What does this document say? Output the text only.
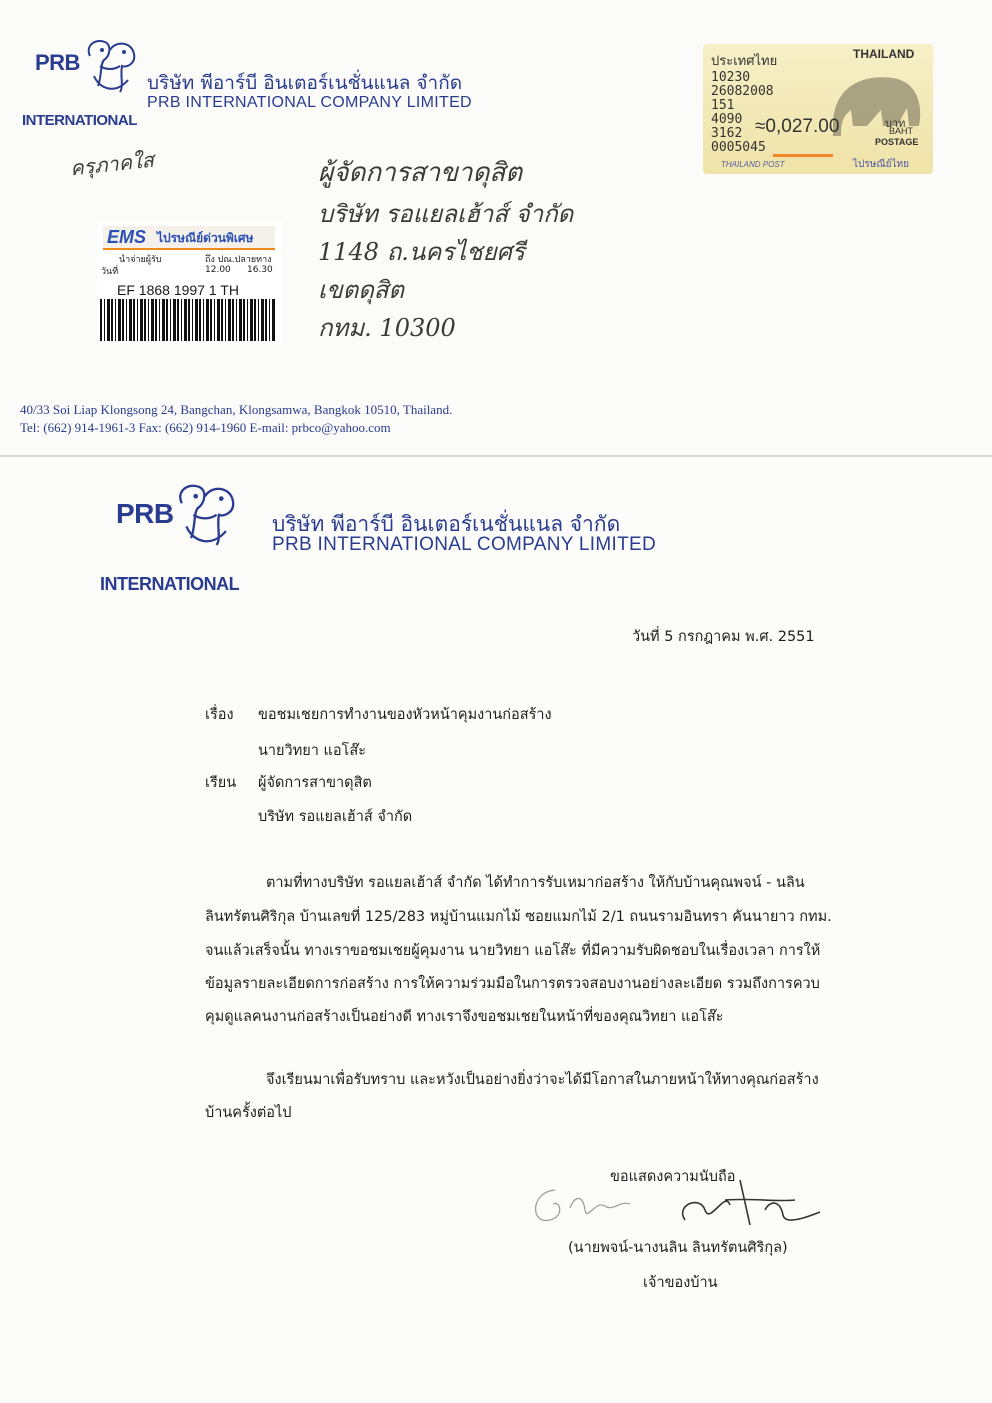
PRB
INTERNATIONAL
บริษัท พีอาร์บี อินเตอร์เนชั่นแนล จำกัด
PRB INTERNATIONAL COMPANY LIMITED
ครุภาคใส	ผู้จัดการสาขาดุสิต
บริษัท รอแยลเฮ้าส์ จำกัด
1148 ถ.นครไชยศรี
เขตดุสิต
กทม. 10300
ประเทศไทย	THAILAND
10230
26082008
151
4090
3162 ≈0,027.00	บาท
BAHT
POSTAGE
0005045
THAILAND POST	ไปรษณีย์ไทย
EMS ไปรษณีย์ด่วนพิเศษ
นำจ่ายผู้รับ	ถึง ปณ.ปลายทาง
วันที่	12.00 16.30
EF 1868 1997 1 TH
40/33 Soi Liap Klongsong 24, Bangchan, Klongsamwa, Bangkok 10510, Thailand.
Tel: (662) 914-1961-3 Fax: (662) 914-1960 E-mail: prbco@yahoo.com
PRB
INTERNATIONAL
บริษัท พีอาร์บี อินเตอร์เนชั่นแนล จำกัด
PRB INTERNATIONAL COMPANY LIMITED
วันที่ 5 กรกฎาคม พ.ศ. 2551
เรื่อง ขอชมเชยการทำงานของหัวหน้าคุมงานก่อสร้าง
นายวิทยา แอโส๊ะ
เรียน ผู้จัดการสาขาดุสิต
บริษัท รอแยลเฮ้าส์ จำกัด
ตามที่ทางบริษัท รอแยลเฮ้าส์ จำกัด ได้ทำการรับเหมาก่อสร้าง ให้กับบ้านคุณพจน์ - นลิน
ลินทรัตนศิริกุล บ้านเลขที่ 125/283 หมู่บ้านแมกไม้ ซอยแมกไม้ 2/1 ถนนรามอินทรา คันนายาว กทม.
จนแล้วเสร็จนั้น ทางเราขอชมเชยผู้คุมงาน นายวิทยา แอโส๊ะ ที่มีความรับผิดชอบในเรื่องเวลา การให้
ข้อมูลรายละเอียดการก่อสร้าง การให้ความร่วมมือในการตรวจสอบงานอย่างละเอียด รวมถึงการควบ
คุมดูแลคนงานก่อสร้างเป็นอย่างดี ทางเราจึงขอชมเชยในหน้าที่ของคุณวิทยา แอโส๊ะ
จึงเรียนมาเพื่อรับทราบ และหวังเป็นอย่างยิ่งว่าจะได้มีโอกาสในภายหน้าให้ทางคุณก่อสร้าง
บ้านครั้งต่อไป
ขอแสดงความนับถือ
(นายพจน์-นางนลิน ลินทรัตนศิริกุล)
เจ้าของบ้าน
